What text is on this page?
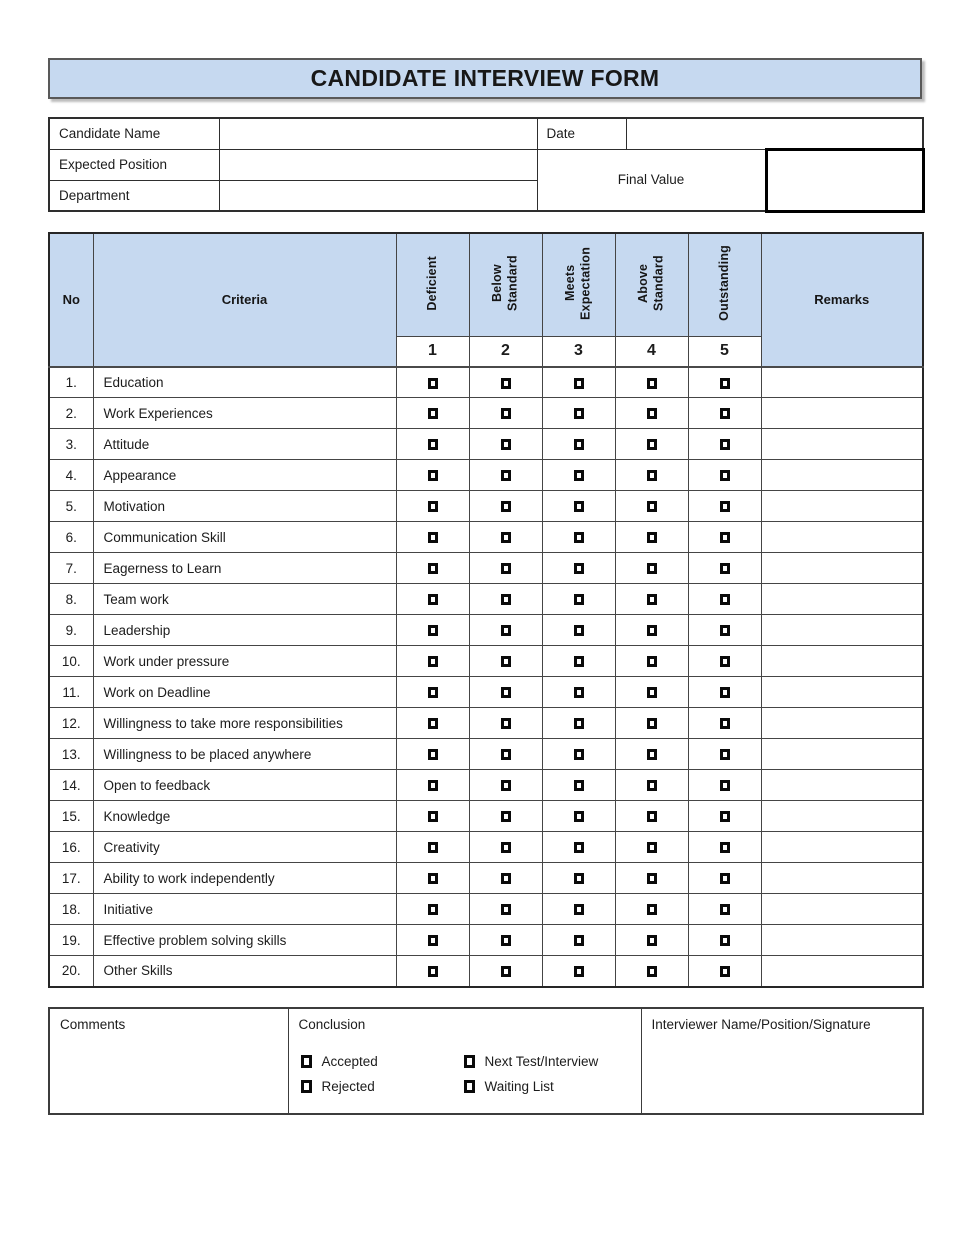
CANDIDATE INTERVIEW FORM
Candidate Name		Date		
Expected Position		Final Value		
Department				
No	Criteria	Deficient	Below Standard	Meets Expectation	Above Standard	Outstanding	Remarks
		1	2	3	4	5	
1.	Education						
2.	Work Experiences						
3.	Attitude						
4.	Appearance						
5.	Motivation						
6.	Communication Skill						
7.	Eagerness to Learn						
8.	Team work						
9.	Leadership						
10.	Work under pressure						
11.	Work on Deadline						
12.	Willingness to take more responsibilities						
13.	Willingness to be placed anywhere						
14.	Open to feedback						
15.	Knowledge						
16.	Creativity						
17.	Ability to work independently						
18.	Initiative						
19.	Effective problem solving skills						
20.	Other Skills						
Comments	Conclusion
Accepted
Rejected
Next Test/Interview
Waiting List
	Interviewer Name/Position/Signature
